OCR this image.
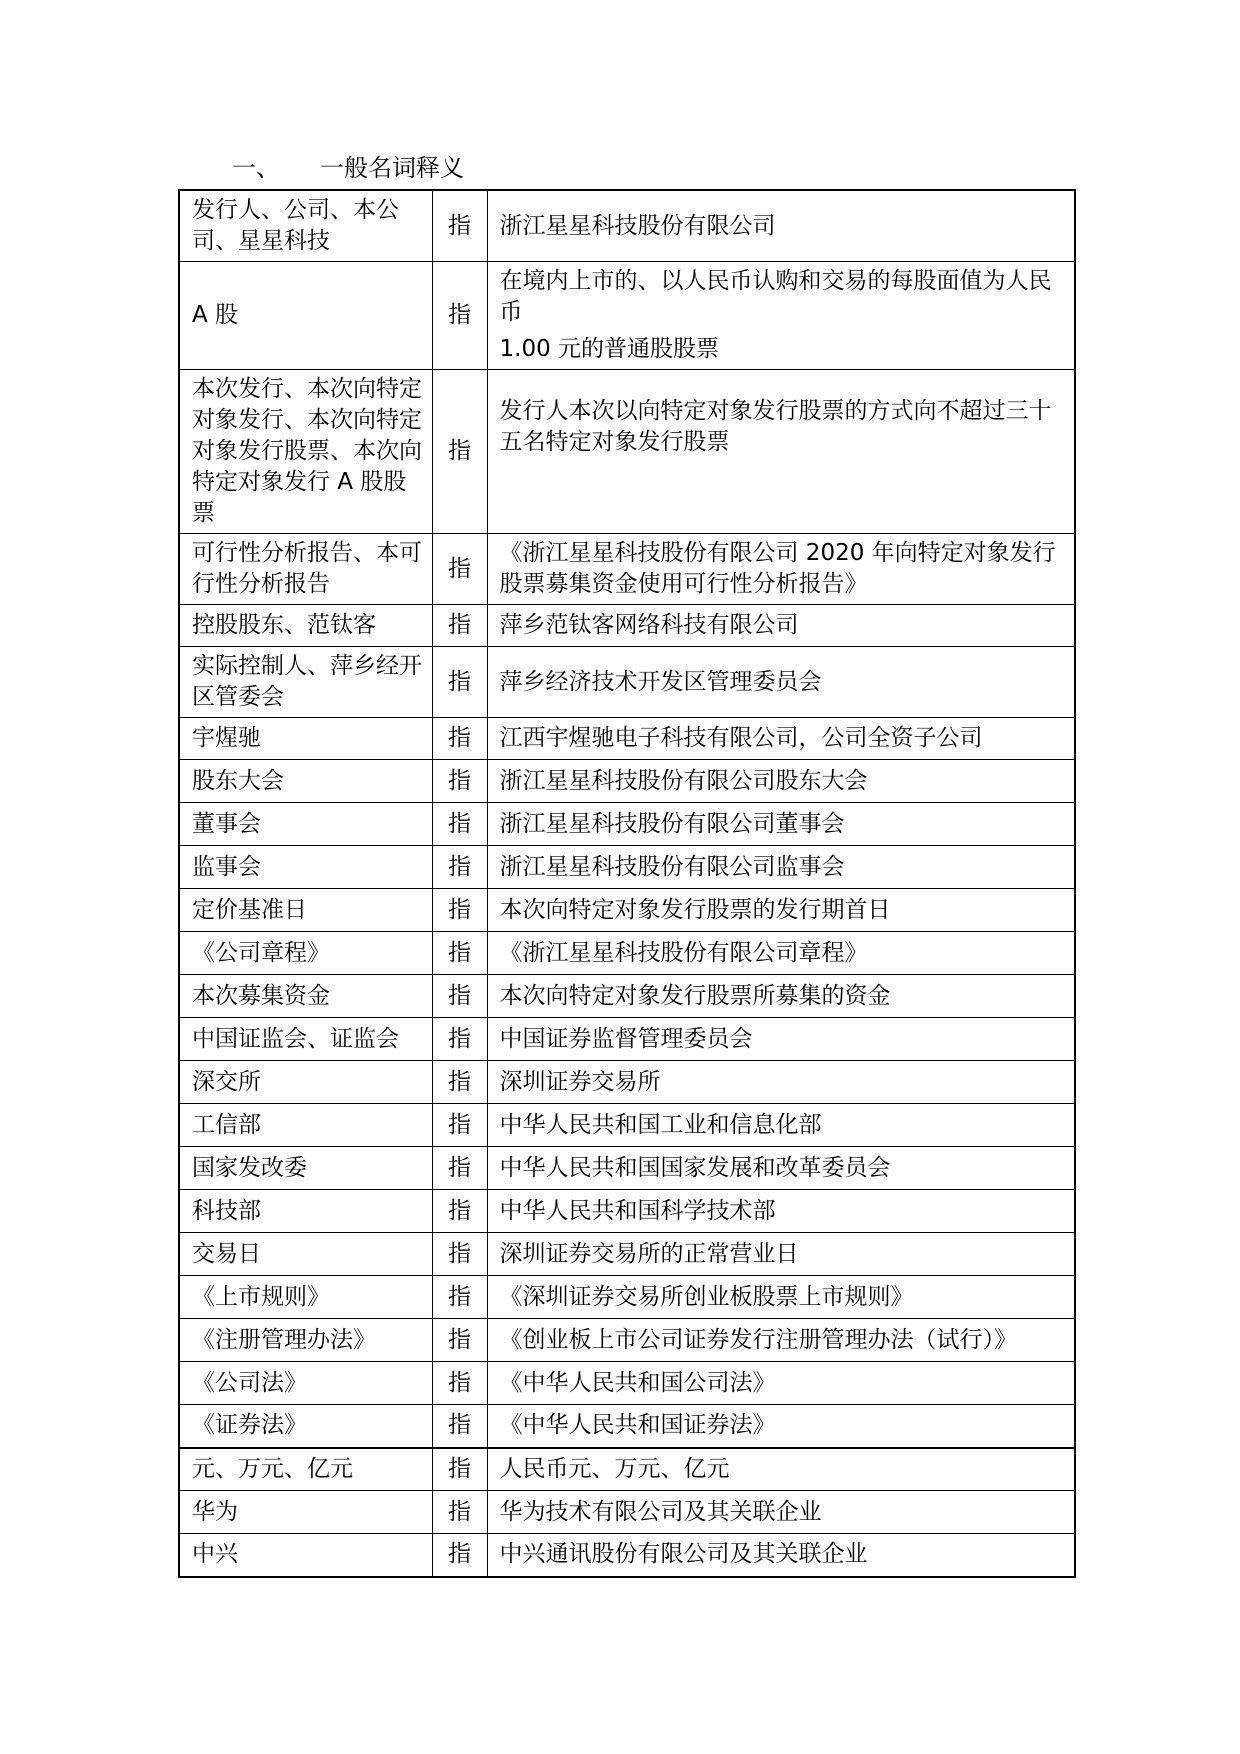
一、 一般名词释义
发行人、公司、本公司、星星科技	指	浙江星星科技股份有限公司
A 股	指	在境内上市的、以人民币认购和交易的每股面值为人民币
1.00 元的普通股股票

本次发行、本次向特定对象发行、本次向特定对象发行股票、本次向特定对象发行 A 股股票	指	发行人本次以向特定对象发行股票的方式向不超过三十五名特定对象发行股票
可行性分析报告、本可行性分析报告	指	《浙江星星科技股份有限公司 2020 年向特定对象发行股票募集资金使用可行性分析报告》
控股股东、范钛客	指	萍乡范钛客网络科技有限公司
实际控制人、萍乡经开区管委会	指	萍乡经济技术开发区管理委员会
宇煋驰	指	江西宇煋驰电子科技有限公司，公司全资子公司
股东大会	指	浙江星星科技股份有限公司股东大会
董事会	指	浙江星星科技股份有限公司董事会
监事会	指	浙江星星科技股份有限公司监事会
定价基准日	指	本次向特定对象发行股票的发行期首日
《公司章程》	指	《浙江星星科技股份有限公司章程》
本次募集资金	指	本次向特定对象发行股票所募集的资金
中国证监会、证监会	指	中国证券监督管理委员会
深交所	指	深圳证券交易所
工信部	指	中华人民共和国工业和信息化部
国家发改委	指	中华人民共和国国家发展和改革委员会
科技部	指	中华人民共和国科学技术部
交易日	指	深圳证券交易所的正常营业日
《上市规则》	指	《深圳证券交易所创业板股票上市规则》
《注册管理办法》	指	《创业板上市公司证券发行注册管理办法（试行）》
《公司法》	指	《中华人民共和国公司法》
《证券法》	指	《中华人民共和国证券法》
元、万元、亿元	指	人民币元、万元、亿元
华为	指	华为技术有限公司及其关联企业
中兴	指	中兴通讯股份有限公司及其关联企业
